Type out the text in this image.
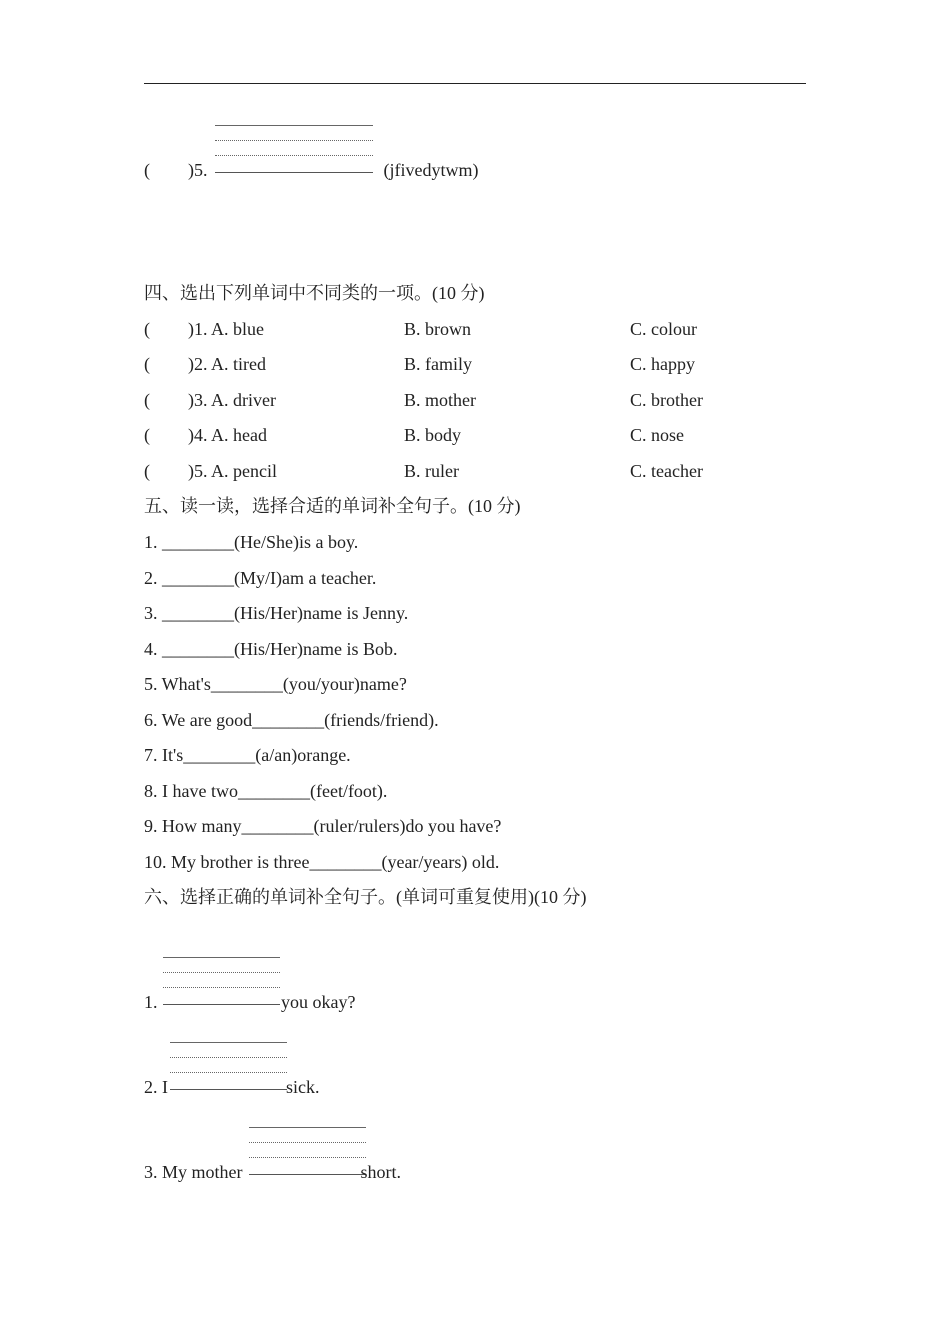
( )5.	(jfivedytwm)
四、选出下列单词中不同类的一项。(10 分)
( )1. A. blue	B. brown	C. colour
( )2. A. tired	B. family	C. happy
( )3. A. driver	B. mother	C. brother
( )4. A. head	B. body	C. nose
( )5. A. pencil	B. ruler	C. teacher
五、读一读，选择合适的单词补全句子。(10 分)
1. ________(He/She)is a boy.
2. ________(My/I)am a teacher.
3. ________(His/Her)name is Jenny.
4. ________(His/Her)name is Bob.
5. What's________(you/your)name?
6. We are good________(friends/friend).
7. It's________(a/an)orange.
8. I have two________(feet/foot).
9. How many________(ruler/rulers)do you have?
10. My brother is three________(year/years) old.
六、选择正确的单词补全句子。(单词可重复使用)(10 分)
1.	you okay?
2. I	sick.
3. My mother	short.
